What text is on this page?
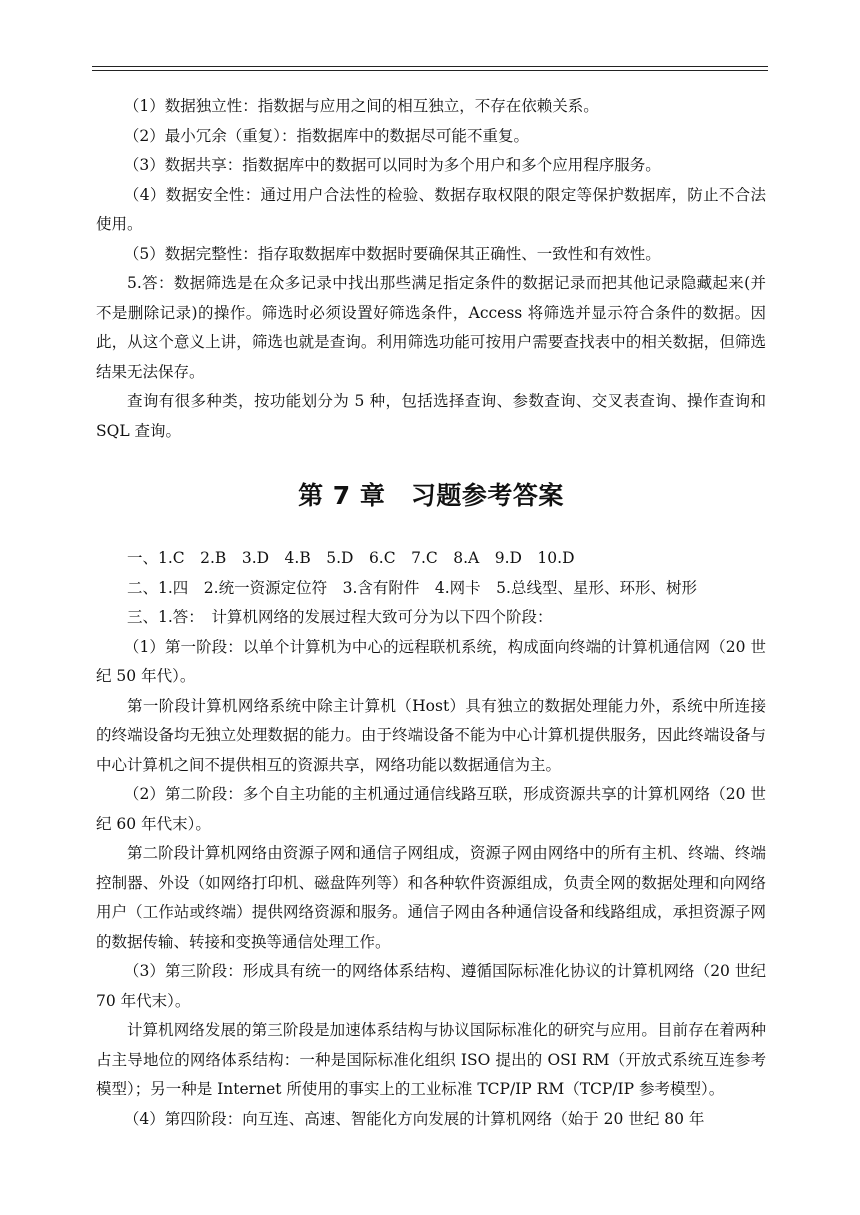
（1）数据独立性：指数据与应用之间的相互独立，不存在依赖关系。

（2）最小冗余（重复）：指数据库中的数据尽可能不重复。

（3）数据共享：指数据库中的数据可以同时为多个用户和多个应用程序服务。

（4）数据安全性：通过用户合法性的检验、数据存取权限的限定等保护数据库，防止不合法使用。

（5）数据完整性：指存取数据库中数据时要确保其正确性、一致性和有效性。

5.答：数据筛选是在众多记录中找出那些满足指定条件的数据记录而把其他记录隐藏起来(并不是删除记录)的操作。筛选时必须设置好筛选条件，Access 将筛选并显示符合条件的数据。因此，从这个意义上讲，筛选也就是查询。利用筛选功能可按用户需要查找表中的相关数据，但筛选结果无法保存。

查询有很多种类，按功能划分为 5 种，包括选择查询、参数查询、交叉表查询、操作查询和 SQL 查询。

第 7 章　习题参考答案

一、1.C　2.B　3.D　4.B　5.D　6.C　7.C　8.A　9.D　10.D

二、1.四　2.统一资源定位符　3.含有附件　4.网卡　5.总线型、星形、环形、树形

三、1.答：　计算机网络的发展过程大致可分为以下四个阶段：

（1）第一阶段：以单个计算机为中心的远程联机系统，构成面向终端的计算机通信网（20 世纪 50 年代）。

第一阶段计算机网络系统中除主计算机（Host）具有独立的数据处理能力外，系统中所连接的终端设备均无独立处理数据的能力。由于终端设备不能为中心计算机提供服务，因此终端设备与中心计算机之间不提供相互的资源共享，网络功能以数据通信为主。

（2）第二阶段：多个自主功能的主机通过通信线路互联，形成资源共享的计算机网络（20 世纪 60 年代末）。

第二阶段计算机网络由资源子网和通信子网组成，资源子网由网络中的所有主机、终端、终端控制器、外设（如网络打印机、磁盘阵列等）和各种软件资源组成，负责全网的数据处理和向网络用户（工作站或终端）提供网络资源和服务。通信子网由各种通信设备和线路组成，承担资源子网的数据传输、转接和变换等通信处理工作。

（3）第三阶段：形成具有统一的网络体系结构、遵循国际标准化协议的计算机网络（20 世纪 70 年代末）。

计算机网络发展的第三阶段是加速体系结构与协议国际标准化的研究与应用。目前存在着两种占主导地位的网络体系结构：一种是国际标准化组织 ISO 提出的 OSI RM（开放式系统互连参考模型）；另一种是 Internet 所使用的事实上的工业标准 TCP/IP RM（TCP/IP 参考模型）。

（4）第四阶段：向互连、高速、智能化方向发展的计算机网络（始于 20 世纪 80 年
